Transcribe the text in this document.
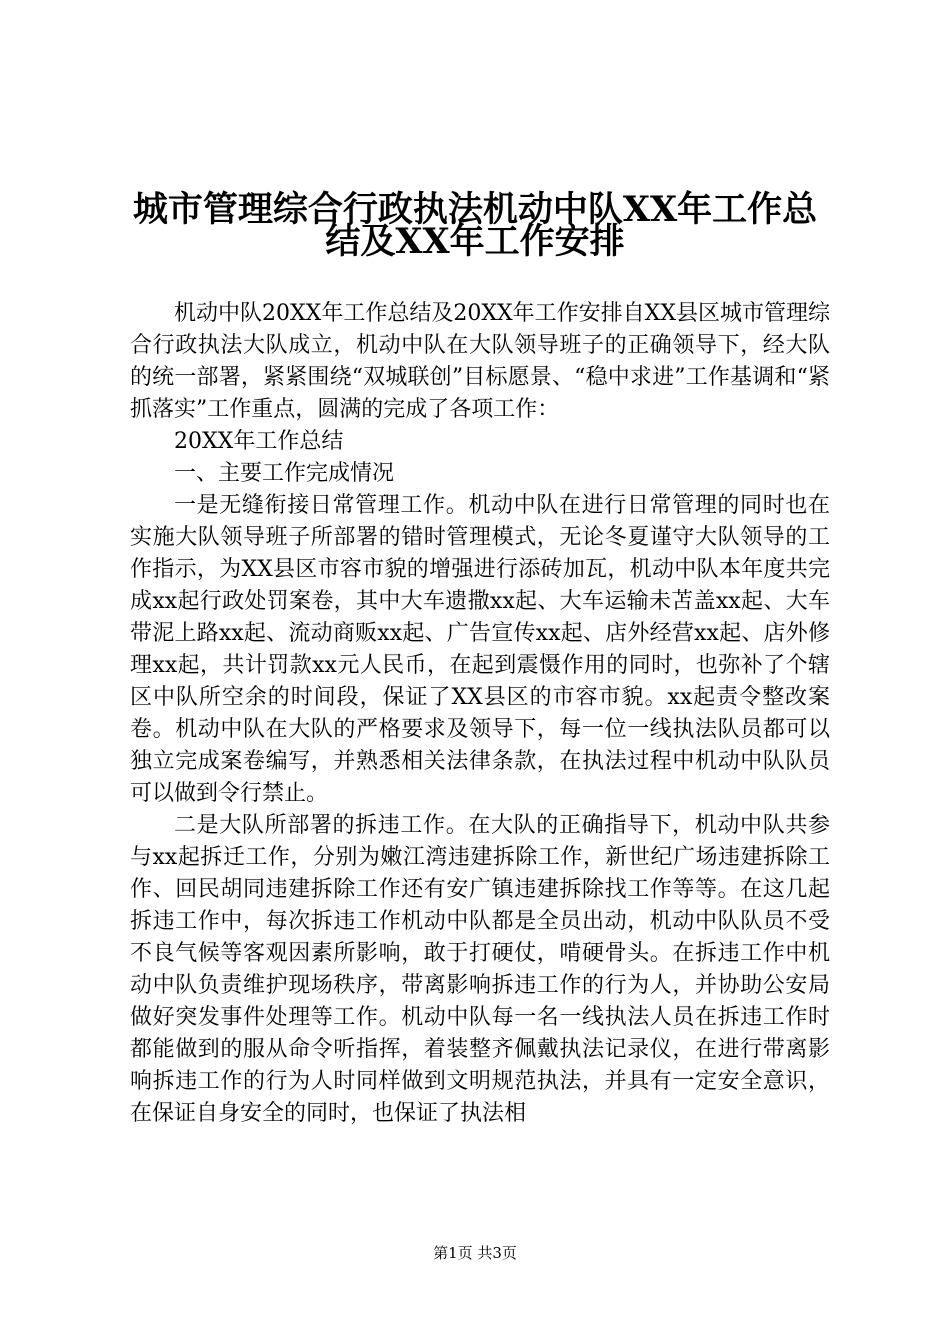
城市管理综合行政执法机动中队XX年工作总
结及XX年工作安排

机动中队20XX年工作总结及20XX年工作安排自XX县区城市管理综合行政执法大队成立，机动中队在大队领导班子的正确领导下，经大队的统一部署，紧紧围绕“双城联创”目标愿景、“稳中求进”工作基调和“紧抓落实”工作重点，圆满的完成了各项工作：

20XX年工作总结

一、主要工作完成情况

一是无缝衔接日常管理工作。机动中队在进行日常管理的同时也在实施大队领导班子所部署的错时管理模式，无论冬夏谨守大队领导的工作指示，为XX县区市容市貌的增强进行添砖加瓦，机动中队本年度共完成xx起行政处罚案卷，其中大车遗撒xx起、大车运输未苫盖xx起、大车带泥上路xx起、流动商贩xx起、广告宣传xx起、店外经营xx起、店外修理xx起，共计罚款xx元人民币，在起到震慑作用的同时，也弥补了个辖区中队所空余的时间段，保证了XX县区的市容市貌。xx起责令整改案卷。机动中队在大队的严格要求及领导下，每一位一线执法队员都可以独立完成案卷编写，并熟悉相关法律条款，在执法过程中机动中队队员可以做到令行禁止。

二是大队所部署的拆违工作。在大队的正确指导下，机动中队共参与xx起拆迁工作，分别为嫩江湾违建拆除工作，新世纪广场违建拆除工作、回民胡同违建拆除工作还有安广镇违建拆除找工作等等。在这几起拆违工作中，每次拆违工作机动中队都是全员出动，机动中队队员不受不良气候等客观因素所影响，敢于打硬仗，啃硬骨头。在拆违工作中机动中队负责维护现场秩序，带离影响拆违工作的行为人，并协助公安局做好突发事件处理等工作。机动中队每一名一线执法人员在拆违工作时都能做到的服从命令听指挥，着装整齐佩戴执法记录仪，在进行带离影响拆违工作的行为人时同样做到文明规范执法，并具有一定安全意识，在保证自身安全的同时，也保证了执法相

第1页 共3页
